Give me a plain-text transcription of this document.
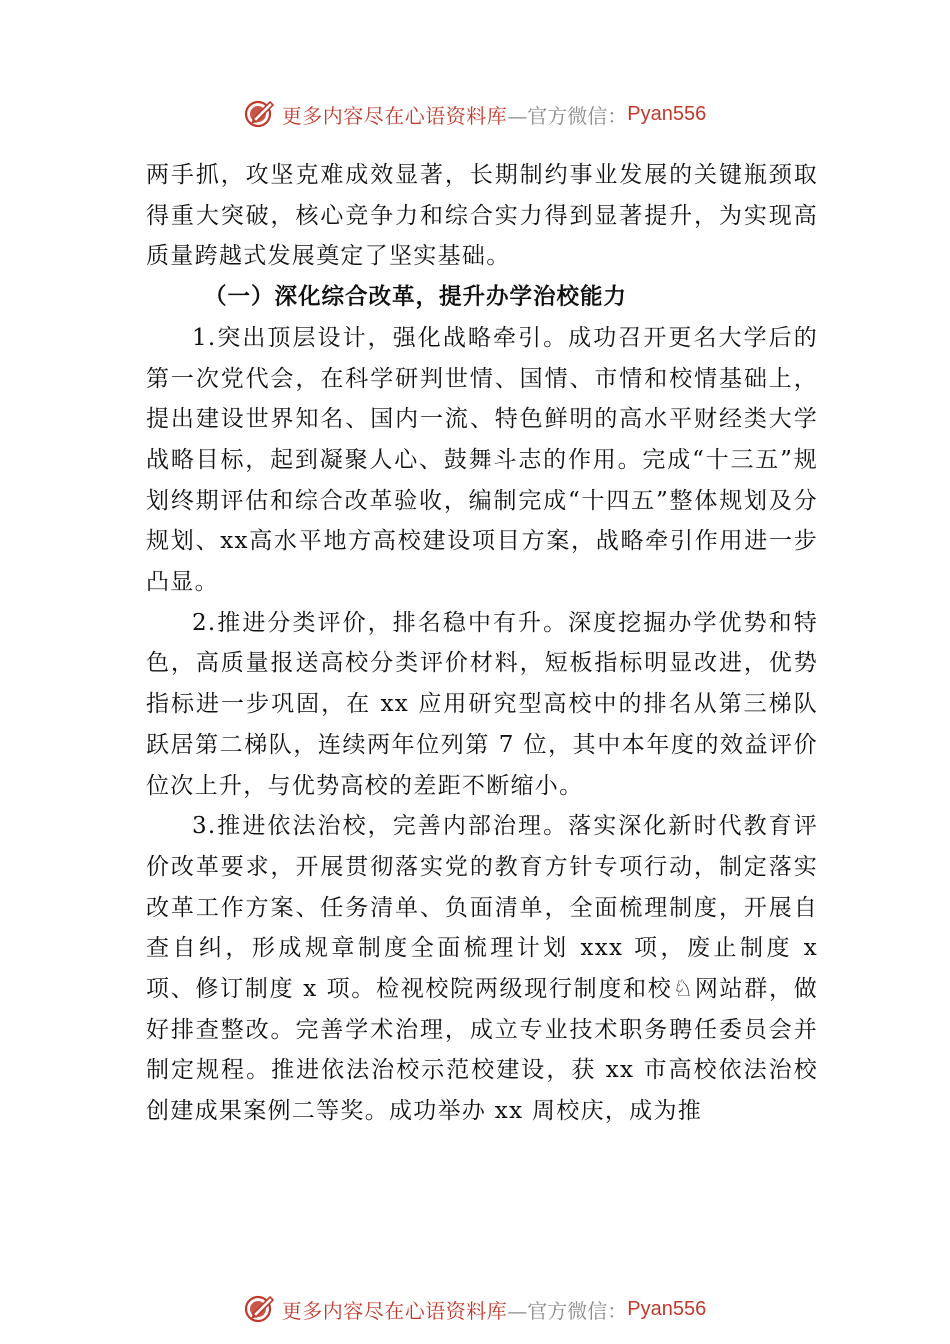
更多内容尽在心语资料库 —官方微信： Pyan556

两手抓，攻坚克难成效显著，长期制约事业发展的关键瓶颈取得重大突破，核心竞争力和综合实力得到显著提升，为实现高质量跨越式发展奠定了坚实基础。

（一）深化综合改革，提升办学治校能力

1.突出顶层设计，强化战略牵引。成功召开更名大学后的第一次党代会，在科学研判世情、国情、市情和校情基础上，提出建设世界知名、国内一流、特色鲜明的高水平财经类大学战略目标，起到凝聚人心、鼓舞斗志的作用。完成“十三五”规划终期评估和综合改革验收，编制完成“十四五”整体规划及分规划、xx高水平地方高校建设项目方案，战略牵引作用进一步凸显。

2.推进分类评价，排名稳中有升。深度挖掘办学优势和特色，高质量报送高校分类评价材料，短板指标明显改进，优势指标进一步巩固，在 xx 应用研究型高校中的排名从第三梯队跃居第二梯队，连续两年位列第 7 位，其中本年度的效益评价位次上升，与优势高校的差距不断缩小。

3.推进依法治校，完善内部治理。落实深化新时代教育评价改革要求，开展贯彻落实党的教育方针专项行动，制定落实改革工作方案、任务清单、负面清单，全面梳理制度，开展自查自纠，形成规章制度全面梳理计划 xxx 项，废止制度 x 项、修订制度 x 项。检视校院两级现行制度和校♘网站群，做好排查整改。完善学术治理，成立专业技术职务聘任委员会并制定规程。推进依法治校示范校建设，获 xx 市高校依法治校创建成果案例二等奖。成功举办 xx 周校庆，成为推

更多内容尽在心语资料库 —官方微信： Pyan556
